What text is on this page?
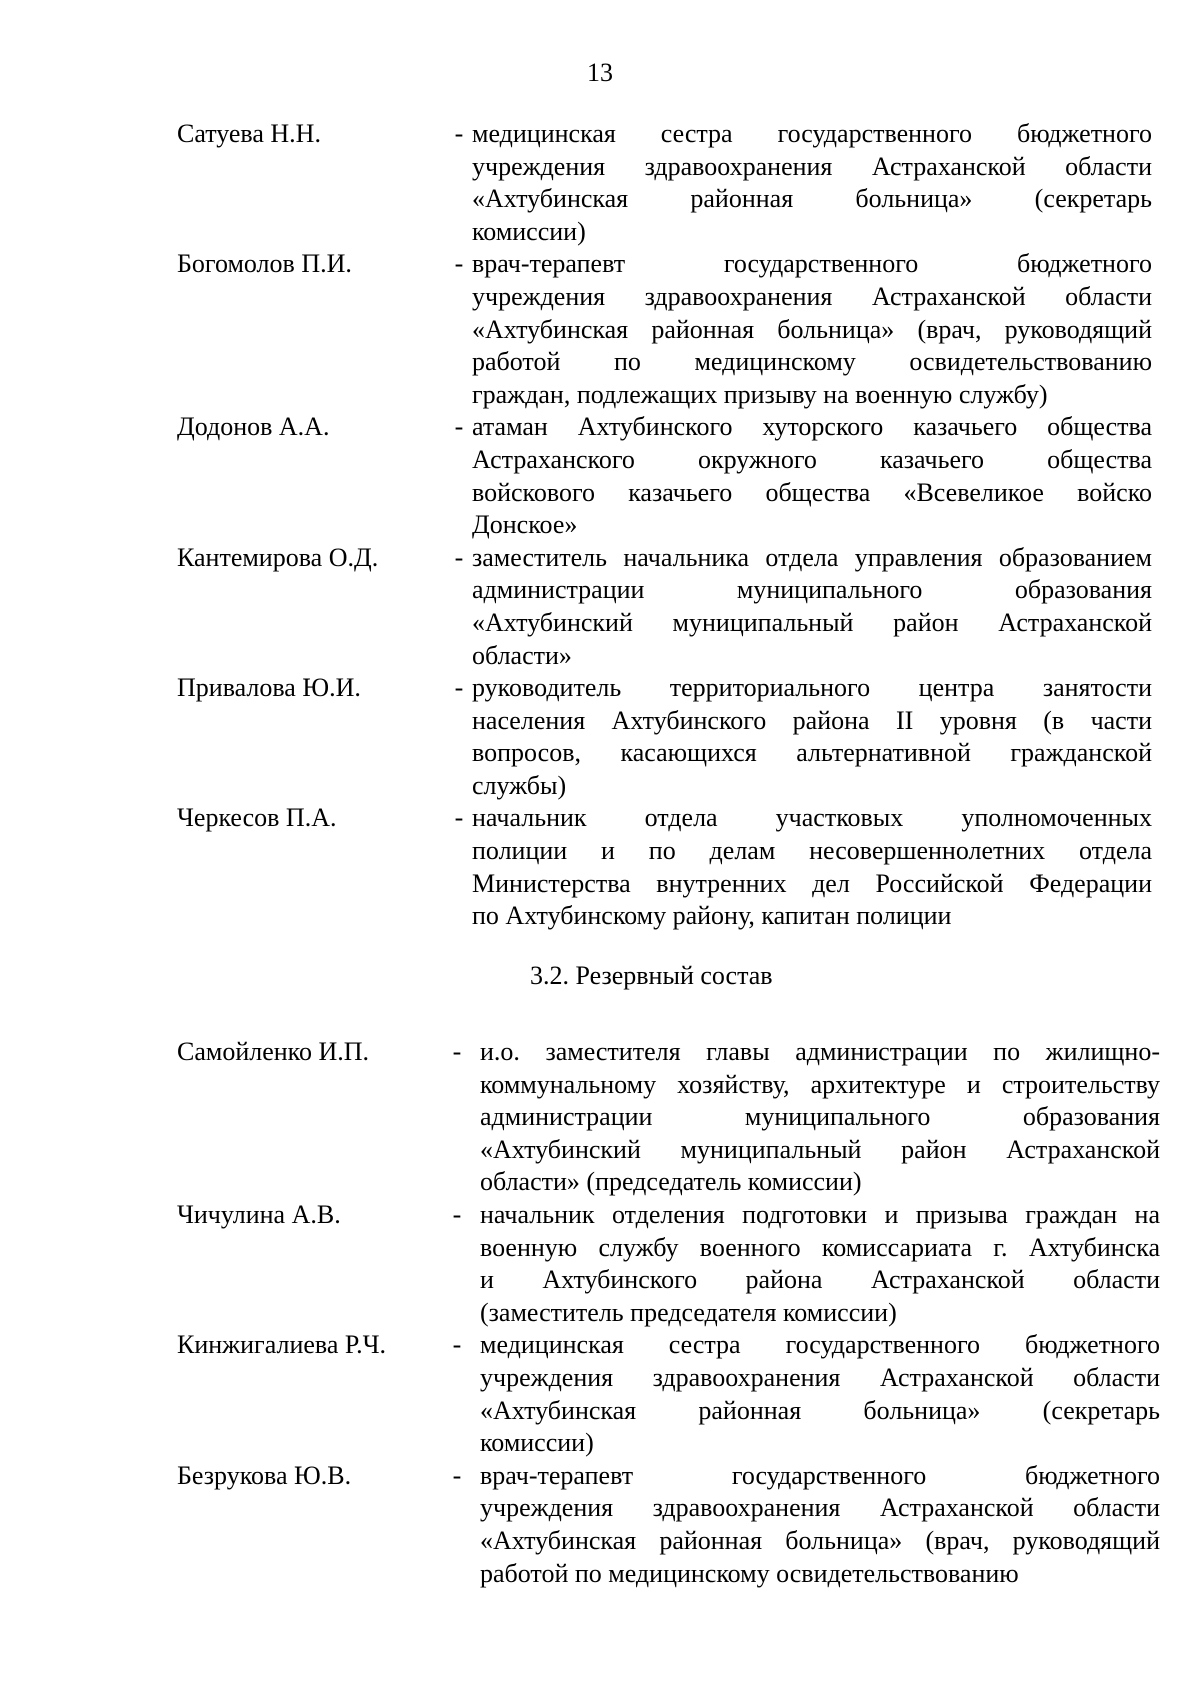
13
Сатуева Н.Н.	- медицинская сестра государственного бюджетного
учреждения здравоохранения Астраханской области
«Ахтубинская районная больница» (секретарь
комиссии)
Богомолов П.И.	- врач-терапевт государственного бюджетного
учреждения здравоохранения Астраханской области
«Ахтубинская районная больница» (врач, руководящий
работой по медицинскому освидетельствованию
граждан, подлежащих призыву на военную службу)
Додонов А.А.	- атаман Ахтубинского хуторского казачьего общества
Астраханского окружного казачьего общества
войскового казачьего общества «Всевеликое войско
Донское»
Кантемирова О.Д.	- заместитель начальника отдела управления образованием
администрации муниципального образования
«Ахтубинский муниципальный район Астраханской
области»
Привалова Ю.И.	- руководитель территориального центра занятости
населения Ахтубинского района II уровня (в части
вопросов, касающихся альтернативной гражданской
службы)
Черкесов П.А.	- начальник отдела участковых уполномоченных
полиции и по делам несовершеннолетних отдела
Министерства внутренних дел Российской Федерации
по Ахтубинскому району, капитан полиции
3.2. Резервный состав
Самойленко И.П.	- и.о. заместителя главы администрации по жилищно-
коммунальному хозяйству, архитектуре и строительству
администрации муниципального образования
«Ахтубинский муниципальный район Астраханской
области» (председатель комиссии)
Чичулина А.В.	- начальник отделения подготовки и призыва граждан на
военную службу военного комиссариата г. Ахтубинска
и Ахтубинского района Астраханской области
(заместитель председателя комиссии)
Кинжигалиева Р.Ч.	- медицинская сестра государственного бюджетного
учреждения здравоохранения Астраханской области
«Ахтубинская районная больница» (секретарь
комиссии)
Безрукова Ю.В.	- врач-терапевт государственного бюджетного
учреждения здравоохранения Астраханской области
«Ахтубинская районная больница» (врач, руководящий
работой по медицинскому освидетельствованию
